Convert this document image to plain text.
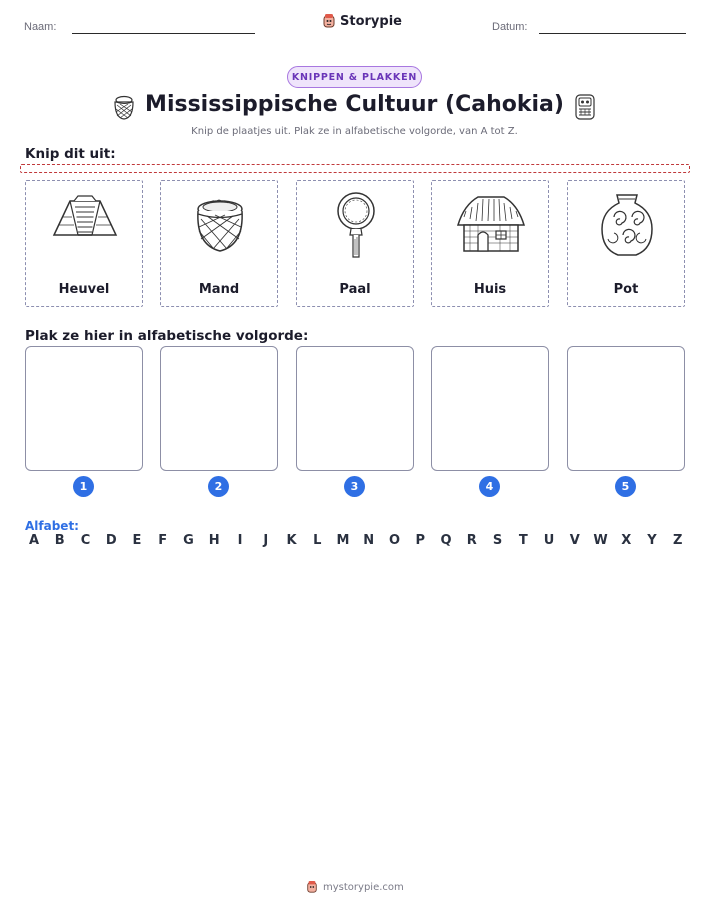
Naam:	Storypie	Datum:
KNIPPEN & PLAKKEN
Mississippische Cultuur (Cahokia)
Knip de plaatjes uit. Plak ze in alfabetische volgorde, van A tot Z.
Knip dit uit:
Heuvel	Mand	Paal	Huis	Pot
Plak ze hier in alfabetische volgorde:
1	2	3	4	5
Alfabet:
A B C D E F G H	I	J	K L M N O P Q R S T U V W X Y Z
mystorypie.com
